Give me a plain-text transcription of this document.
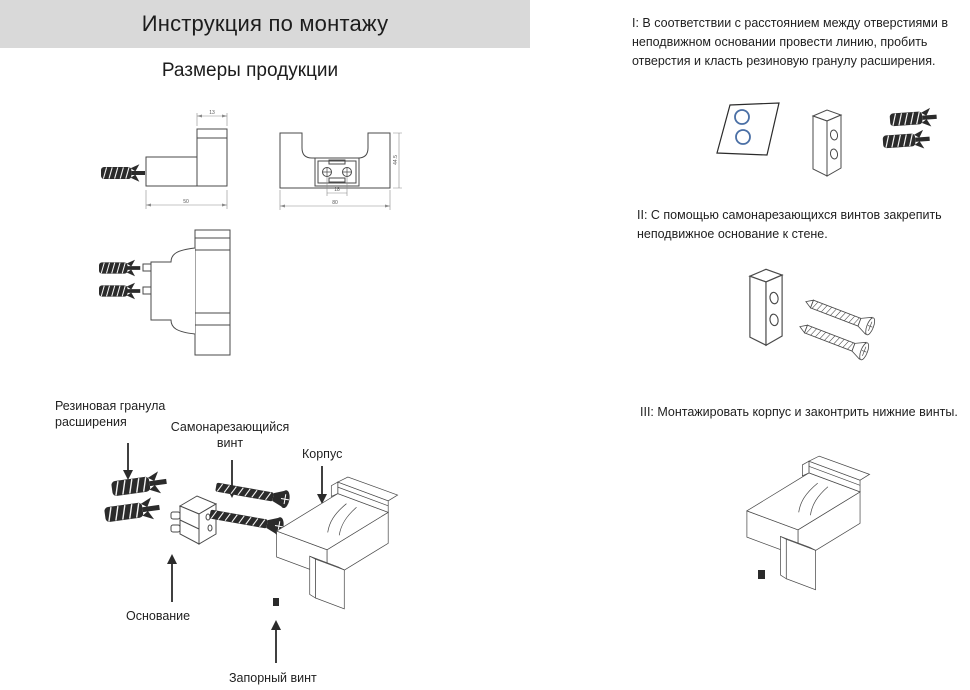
Инструкция по монтажу
Размеры продукции
13
50
44.5
18
80
Резиновая гранула расширения	Самонарезающийся винт
Корпус
Основание
Запорный винт
I: В соответствии с расстоянием между отверстиями в неподвижном основании провести линию, пробить отверстия и класть резиновую гранулу расширения.
II: С помощью самонарезающихся винтов закрепить неподвижное основание к стене.
III: Монтажировать корпус и законтрить нижние винты.
